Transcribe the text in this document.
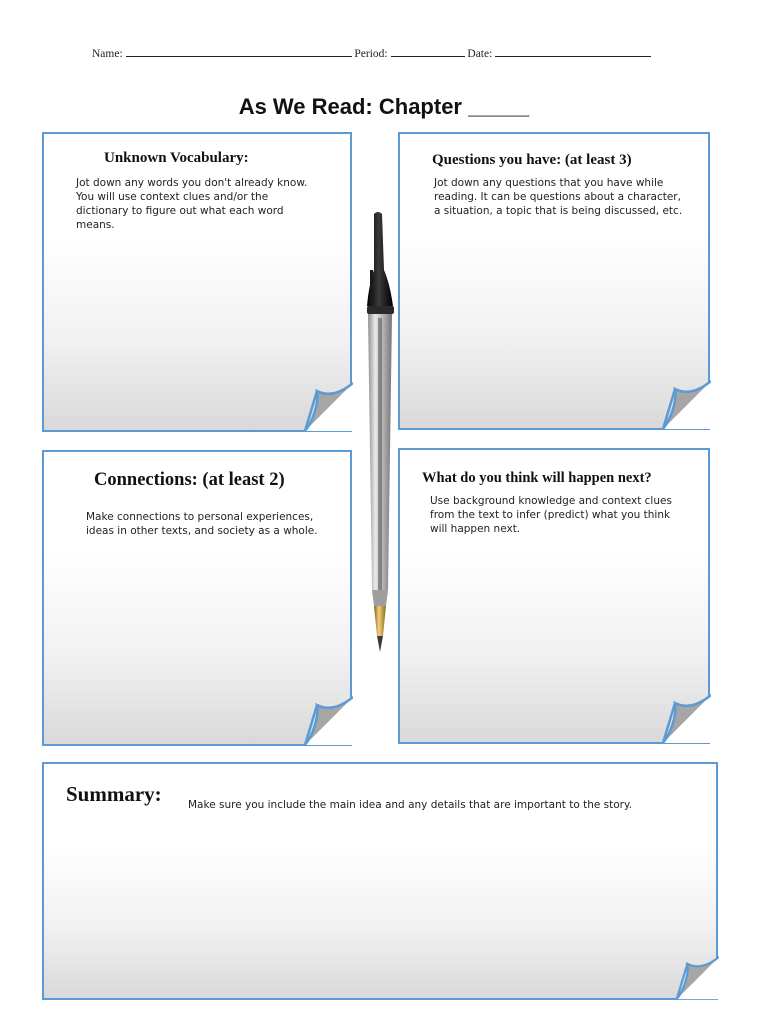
Name:	Period:	Date:
As We Read: Chapter _____
Unknown Vocabulary:
Jot down any words you don't already know. You will use context clues and/or the dictionary to figure out what each word means.
Questions you have: (at least 3)
Jot down any questions that you have while reading. It can be questions about a character, a situation, a topic that is being discussed, etc.
Connections: (at least 2)
Make connections to personal experiences, ideas in other texts, and society as a whole.
What do you think will happen next?
Use background knowledge and context clues from the text to infer (predict) what you think will happen next.
Summary:	Make sure you include the main idea and any details that are important to the story.
